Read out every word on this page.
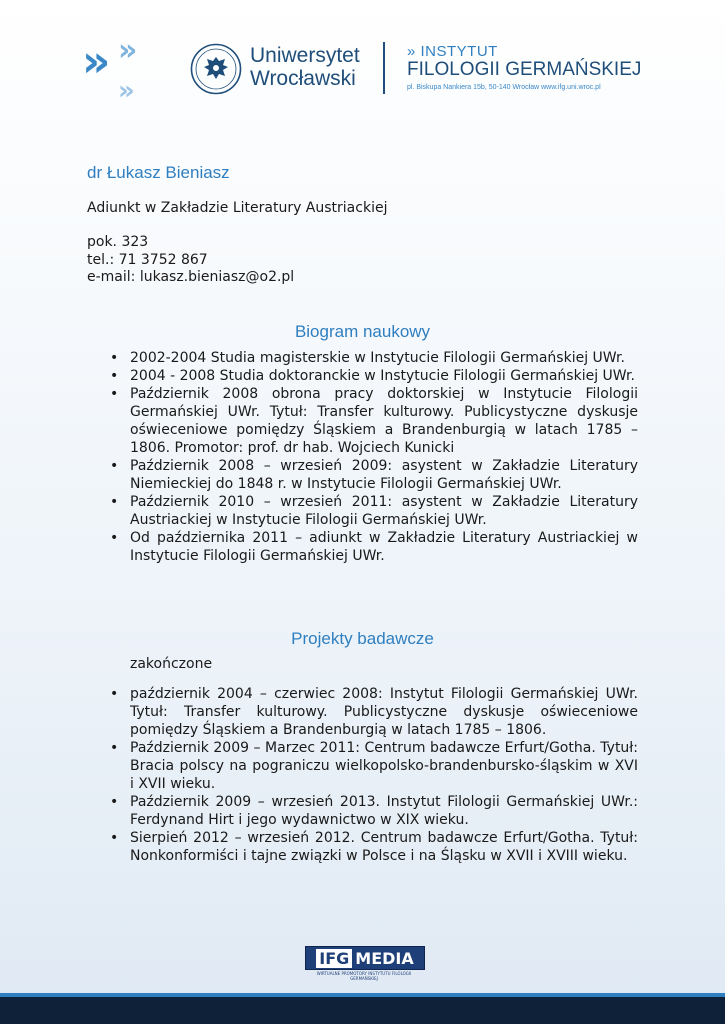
» »
»
Uniwersytet
Wrocławski
» INSTYTUT
FILOLOGII GERMAŃSKIEJ
pl. Biskupa Nankiera 15b, 50-140 Wrocław www.ifg.uni.wroc.pl
dr Łukasz Bieniasz
Adiunkt w Zakładzie Literatury Austriackiej
pok. 323
tel.: 71 3752 867
e-mail: lukasz.bieniasz@o2.pl
Biogram naukowy
• 2002-2004 Studia magisterskie w Instytucie Filologii Germańskiej UWr.
• 2004 - 2008 Studia doktoranckie w Instytucie Filologii Germańskiej UWr.
• Październik 2008 obrona pracy doktorskiej w Instytucie Filologii Germańskiej UWr. Tytuł: Transfer kulturowy. Publicystyczne dyskusje oświeceniowe pomiędzy Śląskiem a Brandenburgią w latach 1785 – 1806. Promotor: prof. dr hab. Wojciech Kunicki
• Październik 2008 – wrzesień 2009: asystent w Zakładzie Literatury Niemieckiej do 1848 r. w Instytucie Filologii Germańskiej UWr.
• Październik 2010 – wrzesień 2011: asystent w Zakładzie Literatury Austriackiej w Instytucie Filologii Germańskiej UWr.
• Od października 2011 – adiunkt w Zakładzie Literatury Austriackiej w Instytucie Filologii Germańskiej UWr.
Projekty badawcze
zakończone
• październik 2004 – czerwiec 2008: Instytut Filologii Germańskiej UWr. Tytuł: Transfer kulturowy. Publicystyczne dyskusje oświeceniowe pomiędzy Śląskiem a Brandenburgią w latach 1785 – 1806.
• Październik 2009 – Marzec 2011: Centrum badawcze Erfurt/Gotha. Tytuł: Bracia polscy na pograniczu wielkopolsko-brandenbursko-śląskim w XVI i XVII wieku.
• Październik 2009 – wrzesień 2013. Instytut Filologii Germańskiej UWr.: Ferdynand Hirt i jego wydawnictwo w XIX wieku.
• Sierpień 2012 – wrzesień 2012. Centrum badawcze Erfurt/Gotha. Tytuł: Nonkonformiści i tajne związki w Polsce i na Śląsku w XVII i XVIII wieku.
IFG MEDIA
WIRTUALNE PROMOTORY INSTYTUTU FILOLOGII GERMAŃSKIEJ
